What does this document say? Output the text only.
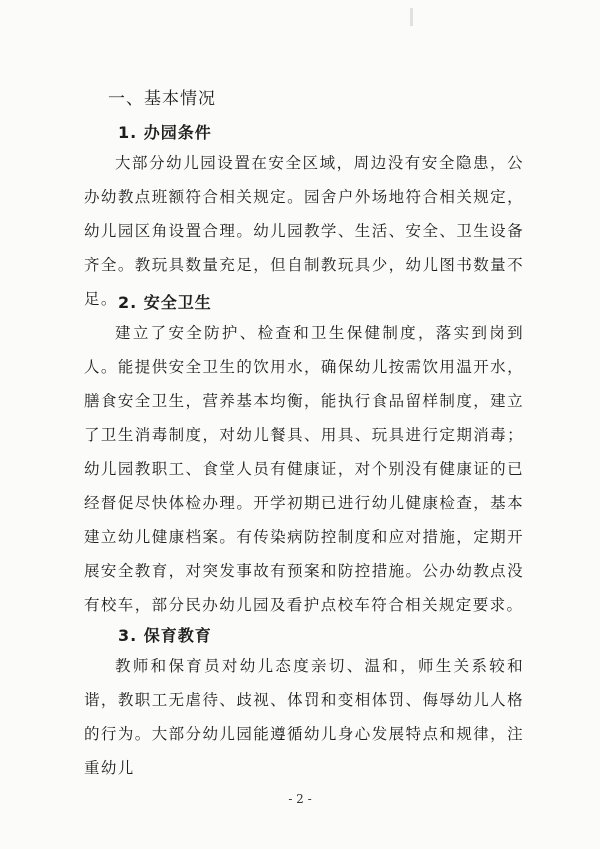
一、基本情况
1. 办园条件

大部分幼儿园设置在安全区域，周边没有安全隐患，公办幼教点班额符合相关规定。园舍户外场地符合相关规定，幼儿园区角设置合理。幼儿园教学、生活、安全、卫生设备齐全。教玩具数量充足，但自制教玩具少，幼儿图书数量不足。 2. 安全卫生

建立了安全防护、检查和卫生保健制度，落实到岗到人。能提供安全卫生的饮用水，确保幼儿按需饮用温开水，膳食安全卫生，营养基本均衡，能执行食品留样制度，建立了卫生消毒制度，对幼儿餐具、用具、玩具进行定期消毒；幼儿园教职工、食堂人员有健康证，对个别没有健康证的已经督促尽快体检办理。开学初期已进行幼儿健康检查，基本建立幼儿健康档案。有传染病防控制度和应对措施，定期开展安全教育，对突发事故有预案和防控措施。公办幼教点没有校车，部分民办幼儿园及看护点校车符合相关规定要求。

3. 保育教育

教师和保育员对幼儿态度亲切、温和，师生关系较和谐，教职工无虐待、歧视、体罚和变相体罚、侮辱幼儿人格的行为。大部分幼儿园能遵循幼儿身心发展特点和规律，注重幼儿

- 2 -
